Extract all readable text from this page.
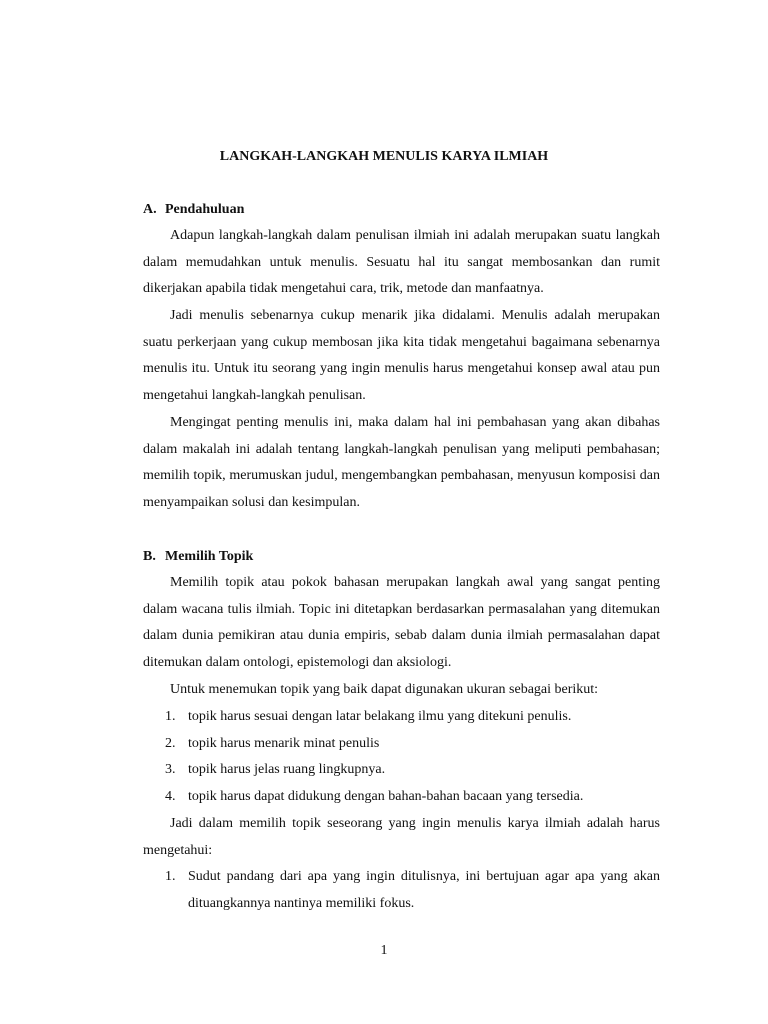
LANGKAH-LANGKAH MENULIS KARYA ILMIAH
A. Pendahuluan

Adapun langkah-langkah dalam penulisan ilmiah ini adalah merupakan suatu langkah dalam memudahkan untuk menulis. Sesuatu hal itu sangat membosankan dan rumit dikerjakan apabila tidak mengetahui cara, trik, metode dan manfaatnya.

Jadi menulis sebenarnya cukup menarik jika didalami. Menulis adalah merupakan suatu perkerjaan yang cukup membosan jika kita tidak mengetahui bagaimana sebenarnya menulis itu. Untuk itu seorang yang ingin menulis harus mengetahui konsep awal atau pun mengetahui langkah-langkah penulisan.

Mengingat penting menulis ini, maka dalam hal ini pembahasan yang akan dibahas dalam makalah ini adalah tentang langkah-langkah penulisan yang meliputi pembahasan; memilih topik, merumuskan judul, mengembangkan pembahasan, menyusun komposisi dan menyampaikan solusi dan kesimpulan.

B. Memilih Topik

Memilih topik atau pokok bahasan merupakan langkah awal yang sangat penting dalam wacana tulis ilmiah. Topic ini ditetapkan berdasarkan permasalahan yang ditemukan dalam dunia pemikiran atau dunia empiris, sebab dalam dunia ilmiah permasalahan dapat ditemukan dalam ontologi, epistemologi dan aksiologi.

Untuk menemukan topik yang baik dapat digunakan ukuran sebagai berikut:

1. topik harus sesuai dengan latar belakang ilmu yang ditekuni penulis.
2. topik harus menarik minat penulis
3. topik harus jelas ruang lingkupnya.
4. topik harus dapat didukung dengan bahan-bahan bacaan yang tersedia.

Jadi dalam memilih topik seseorang yang ingin menulis karya ilmiah adalah harus mengetahui:

1. Sudut pandang dari apa yang ingin ditulisnya, ini bertujuan agar apa yang akan dituangkannya nantinya memiliki fokus.
1
